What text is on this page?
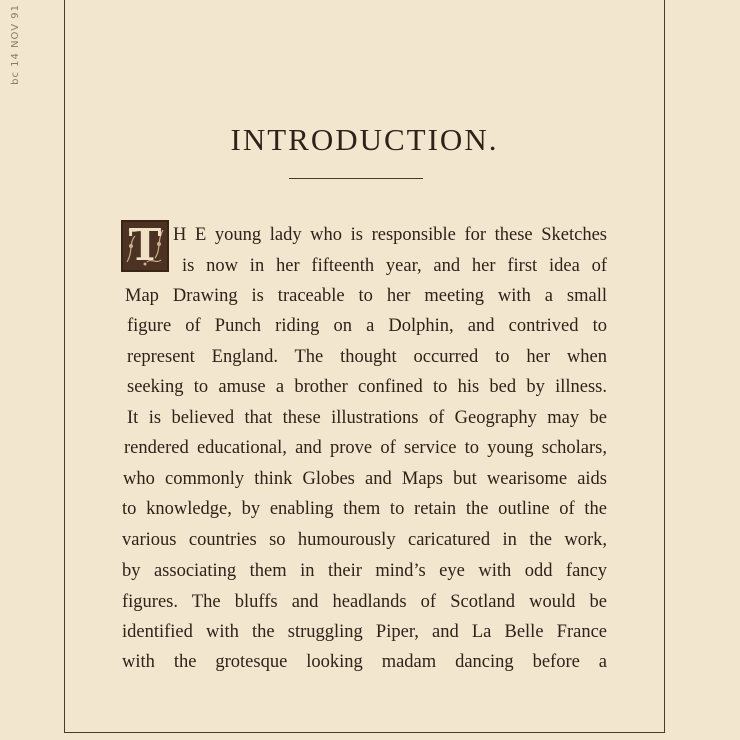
bc 14 NOV 91
INTRODUCTION.
T H E young lady who is responsible for these Sketches
is now in her fifteenth year, and her first idea of
Map Drawing is traceable to her meeting with a small
figure of Punch riding on a Dolphin, and contrived to
represent England. The thought occurred to her when
seeking to amuse a brother confined to his bed by illness.
It is believed that these illustrations of Geography may be
rendered educational, and prove of service to young scholars,
who commonly think Globes and Maps but wearisome aids
to knowledge, by enabling them to retain the outline of the
various countries so humourously caricatured in the work,
by associating them in their mind’s eye with odd fancy
figures. The bluffs and headlands of Scotland would be
identified with the struggling Piper, and La Belle France
with the grotesque looking madam dancing before a
